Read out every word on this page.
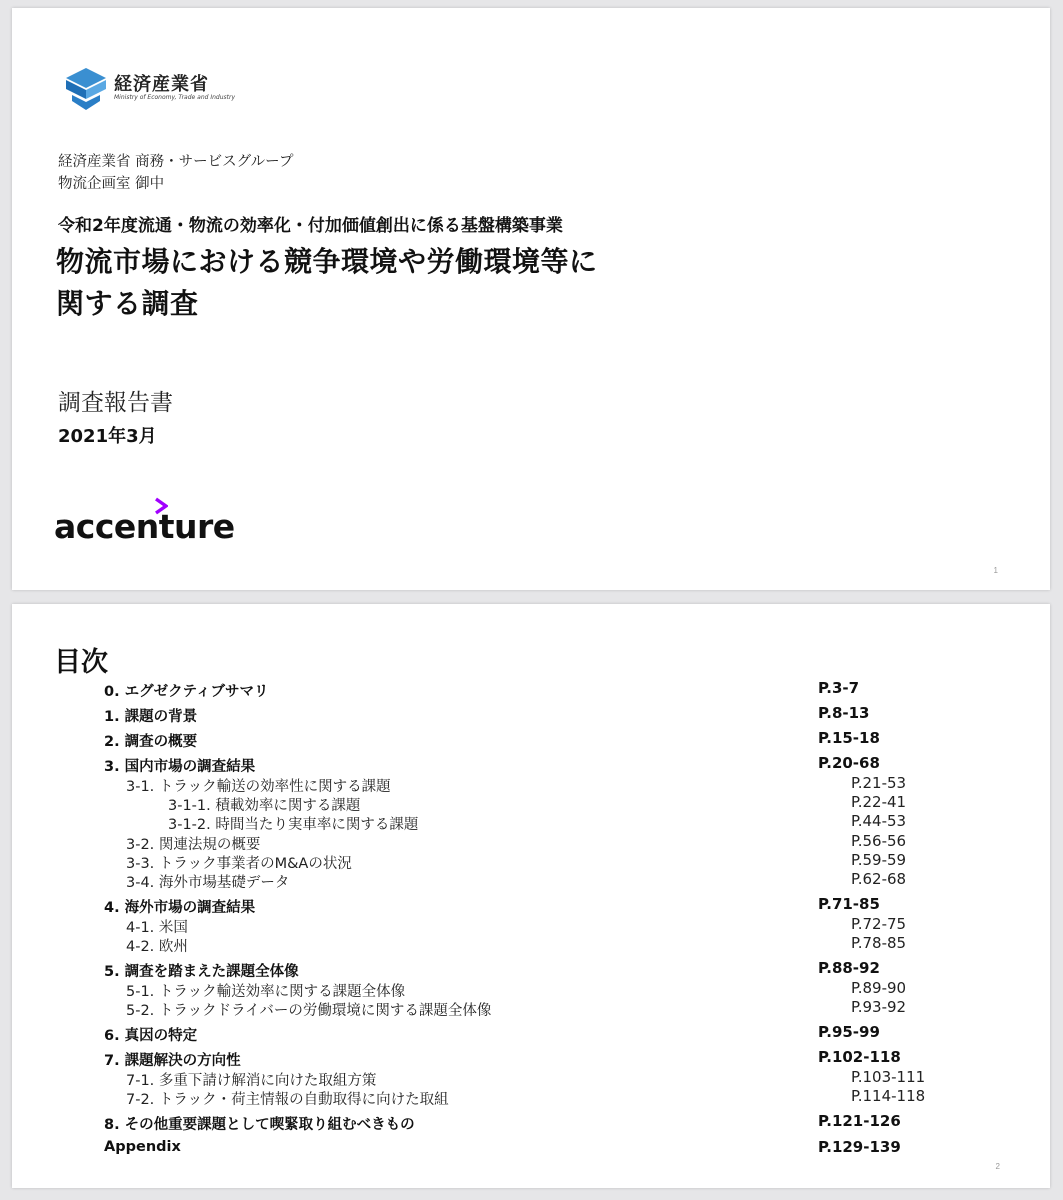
経済産業省
Ministry of Economy, Trade and Industry
経済産業省 商務・サービスグループ
物流企画室 御中
令和2年度流通・物流の効率化・付加価値創出に係る基盤構築事業
物流市場における競争環境や労働環境等に
関する調査
調査報告書
2021年3月
accenture
1
目次
0. エグゼクティブサマリ	P.3-7
1. 課題の背景	P.8-13
2. 調査の概要	P.15-18
3. 国内市場の調査結果	P.20-68
3-1. トラック輸送の効率性に関する課題	P.21-53
3-1-1. 積載効率に関する課題	P.22-41
3-1-2. 時間当たり実車率に関する課題	P.44-53
3-2. 関連法規の概要	P.56-56
3-3. トラック事業者のM&Aの状況	P.59-59
3-4. 海外市場基礎データ	P.62-68
4. 海外市場の調査結果	P.71-85
4-1. 米国	P.72-75
4-2. 欧州	P.78-85
5. 調査を踏まえた課題全体像	P.88-92
5-1. トラック輸送効率に関する課題全体像	P.89-90
5-2. トラックドライバーの労働環境に関する課題全体像	P.93-92
6. 真因の特定	P.95-99
7. 課題解決の方向性	P.102-118
7-1. 多重下請け解消に向けた取組方策	P.103-111
7-2. トラック・荷主情報の自動取得に向けた取組	P.114-118
8. その他重要課題として喫緊取り組むべきもの	P.121-126
Appendix	P.129-139
2
